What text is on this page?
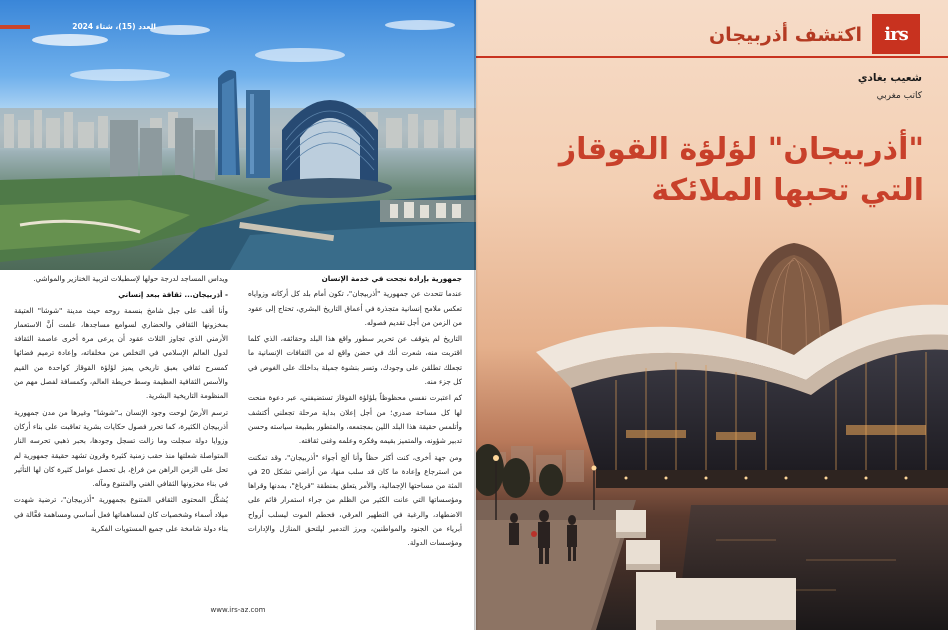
العدد (15)، شتاء 2024

جمهورية بإرادة نجحت في خدمة الإنسان

عندما تتحدث عن جمهورية "أذربيجان"، تكون أمام بلد كل أركانه وزواياه تعكس ملامح إنسانية متجذرة في أعماق التاريخ البشري، تحتاج إلى عقود من الزمن من أجل تقديم فصوله.

التاريخ لم يتوقف عن تحرير سطور واقع هذا البلد وحقائقه، الذي كلما اقتربت منه، شعرت أنك في حضن واقع له من الثقافات الإنسانية ما تجعلك تطلقن على وجودك، وتسر بنشوة جميلة بداخلك على الغوص في كل جزء منه.

كم اعتبرت نفسي محظوظاً بلؤلؤة القوقاز تستضيفني، عبر دعوة منحت لها كل مساحة صدري؛ من أجل إعلان بداية مرحلة تجعلني أكتشف وأتلمس حقيقة هذا البلد اللين بمجتمعه، والمتطور بطبيعة سياسته وحسن تدبير شؤونه، والمتميز بقيمه وفكره وعلمه وغنى ثقافته.

ومن جهة أخرى، كنت أكثر حظاً وأنا ألج أجواء "أذربيجان"، وقد تمكنت من استرجاع وإعادة ما كان قد سلب منها، من أراضي تشكل 20 في المئة من مساحتها الإجمالية، والأمر يتعلق بمنطقة "قرباغ"، بمدنها وقراها ومؤسساتها التي عانت الكثير من الظلم من جراء استمرار قائم على الاضطهاد، والرغبة في التطهير العرقي، فحطم الموت ليسلب أرواح أبرياء من الجنود والمواطنين، وبرز التدمير ليلتحق المنازل والإدارات ومؤسسات الدولة.

ويداس المساجد لدرجة حولها لإسطبلات لتربية الخنازير والمواشي.

- أذربيجان... ثقافة ببعد إنساني

وأنا أقف على جبل شامخ بنسمة روحه حيث مدينة "شوشا" العتيقة بمخزونها الثقافي والحضاري لسوامع مساجدها، علمت أنَّ الاستعمار الأرمني الذي تجاوز الثلاث عقود أن يرعى مرة أخرى عاصمة الثقافة لدول العالم الإسلامي في التخلص من مخلفاته، وإعادة ترميم فضائها كمسرح ثقافي بعبق تاريخي يميز لؤلؤة القوقاز كواحدة من القيم والأسس الثقافية العظيمة وسط خريطة العالم، وكمسافة لفصل مهم من المنظومة التاريخية البشرية.

ترسم الأرضُ لوحت وجود الإنسان بـ"شوشا" وغيرها من مدن جمهورية أذربيجان الكثيرة، كما تحرر فصول حكايات بشرية تعاقبت على بناء أركان وزوايا دولة سجلت وما زالت تسجل وجودها، بحبر ذهبي تحرسه النار المتواصلة شعلتها منذ حقب زمنية كثيرة وقرون تشهد حقيقة جمهورية لم تحل على الزمن الراهن من فراغ، بل تحصل عوامل كثيرة كان لها التأثير في بناء مخزونها الثقافي الغني والمتنوع ومآله.

يُشكِّل المحتوى الثقافي المتنوع بجمهورية "أذربيجان"، ترضية شهدت ميلاد أسماء وشخصيات كان لمساهماتها فعل أساسي ومساهمة فعَّالة في بناء دولة شامخة على جميع المستويات الفكرية

www.irs-az.com
irs
اكتشف أذربيجان
شعيب بغادي
كاتب مغربي
"أذربيجان" لؤلؤة القوقاز
التي تحبها الملائكة
